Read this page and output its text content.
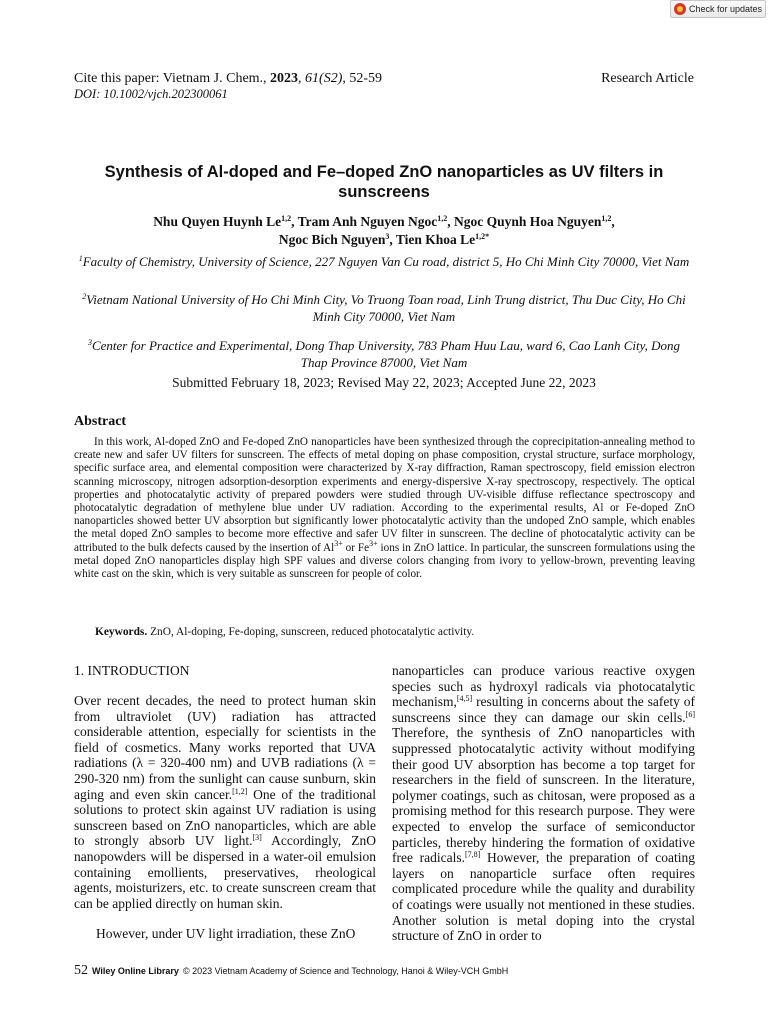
Check for updates
Cite this paper: Vietnam J. Chem., 2023, 61(S2), 52-59	Research Article
DOI: 10.1002/vjch.202300061
Synthesis of Al-doped and Fe–doped ZnO nanoparticles as UV filters in sunscreens
Nhu Quyen Huynh Le$^{1,2}$, Tram Anh Nguyen Ngoc$^{1,2}$, Ngoc Quynh Hoa Nguyen$^{1,2}$,
Ngoc Bich Nguyen$^3$, Tien Khoa $Le^{1,2*}$
$^1$Faculty of Chemistry, University of Science, 227 Nguyen Van Cu road, district 5, Ho Chi Minh City 70000, Viet Nam
$^2$Vietnam National University of Ho Chi Minh City, Vo Truong Toan road, Linh Trung district, Thu Duc City, Ho Chi Minh City 70000, Viet Nam
$^3$Center for Practice and Experimental, Dong Thap University, 783 Pham Huu Lau, ward 6, Cao Lanh City, Dong Thap Province 87000, Viet Nam
Submitted February 18, 2023; Revised May 22, 2023; Accepted June 22, 2023
Abstract
In this work, Al-doped ZnO and Fe-doped ZnO nanoparticles have been synthesized through the coprecipitation-annealing method to create new and safer UV filters for sunscreen. The effects of metal doping on phase composition, crystal structure, surface morphology, specific surface area, and elemental composition were characterized by X-ray diffraction, Raman spectroscopy, field emission electron scanning microscopy, nitrogen adsorption-desorption experiments and energy-dispersive X-ray spectroscopy, respectively. The optical properties and photocatalytic activity of prepared powders were studied through UV-visible diffuse reflectance spectroscopy and photocatalytic degradation of methylene blue under UV radiation. According to the experimental results, Al or Fe-doped ZnO nanoparticles showed better UV absorption but significantly lower photocatalytic activity than the undoped ZnO sample, which enables the metal doped ZnO samples to become more effective and safer UV filter in sunscreen. The decline of photocatalytic activity can be attributed to the bulk defects caused by the insertion of $Al^{3+}$ or $Fe^{3+}$ ions in ZnO lattice. In particular, the sunscreen formulations using the metal doped ZnO nanoparticles display high SPF values and diverse colors changing from ivory to yellow-brown, preventing leaving white cast on the skin, which is very suitable as sunscreen for people of color.
Keywords. ZnO, Al-doping, Fe-doping, sunscreen, reduced photocatalytic activity.
1. INTRODUCTION
Over recent decades, the need to protect human skin from ultraviolet (UV) radiation has attracted considerable attention, especially for scientists in the field of cosmetics. Many works reported that UVA radiations (λ = 320-400 nm) and UVB radiations (λ = 290-320 nm) from the sunlight can cause sunburn, skin aging and even skin cancer.[1,2] One of the traditional solutions to protect skin against UV radiation is using sunscreen based on ZnO nanoparticles, which are able to strongly absorb UV light.[3] Accordingly, ZnO nanopowders will be dispersed in a water-oil emulsion containing emollients, preservatives, rheological agents, moisturizers, etc. to create sunscreen cream that can be applied directly on human skin.
However, under UV light irradiation, these ZnO
nanoparticles can produce various reactive oxygen species such as hydroxyl radicals via photocatalytic mechanism,[4,5] resulting in concerns about the safety of sunscreens since they can damage our skin cells.[6] Therefore, the synthesis of ZnO nanoparticles with suppressed photocatalytic activity without modifying their good UV absorption has become a top target for researchers in the field of sunscreen. In the literature, polymer coatings, such as chitosan, were proposed as a promising method for this research purpose. They were expected to envelop the surface of semiconductor particles, thereby hindering the formation of oxidative free radicals.[7,8] However, the preparation of coating layers on nanoparticle surface often requires complicated procedure while the quality and durability of coatings were usually not mentioned in these studies. Another solution is metal doping into the crystal structure of ZnO in order to
52 Wiley Online Library © 2023 Vietnam Academy of Science and Technology, Hanoi & Wiley-VCH GmbH
